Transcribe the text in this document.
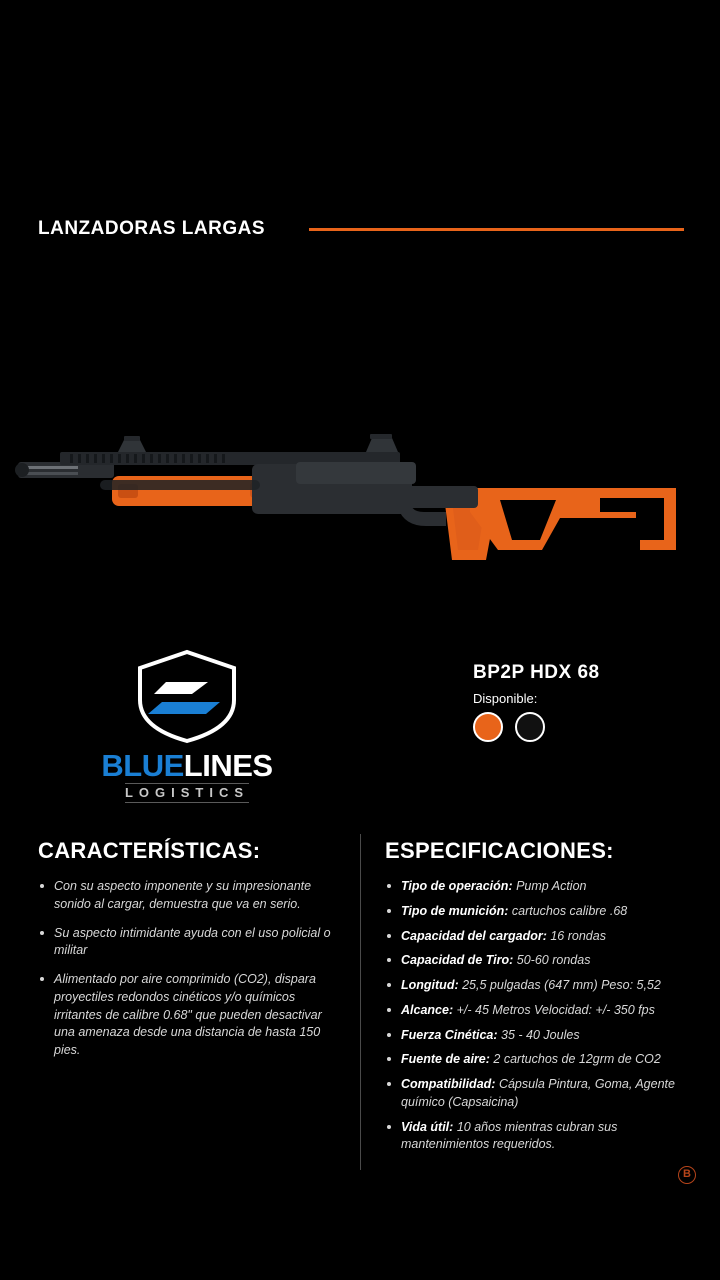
LANZADORAS LARGAS
BLUELINES
LOGISTICS
BP2P HDX 68
Disponible:
CARACTERÍSTICAS:
Con su aspecto imponente y su impresionante sonido al cargar, demuestra que va en serio.
Su aspecto intimidante ayuda con el uso policial o militar
Alimentado por aire comprimido (CO2), dispara proyectiles redondos cinéticos y/o químicos irritantes de calibre 0.68" que pueden desactivar una amenaza desde una distancia de hasta 150 pies.
ESPECIFICACIONES:
Tipo de operación: Pump Action
Tipo de munición: cartuchos calibre .68
Capacidad del cargador: 16 rondas
Capacidad de Tiro: 50-60 rondas
Longitud: 25,5 pulgadas (647 mm) Peso: 5,52
Alcance: +/- 45 Metros Velocidad: +/- 350 fps
Fuerza Cinética: 35 - 40 Joules
Fuente de aire: 2 cartuchos de 12grm de CO2
Compatibilidad: Cápsula Pintura, Goma, Agente químico (Capsaicina)
Vida útil: 10 años mientras cubran sus mantenimientos requeridos.
B
